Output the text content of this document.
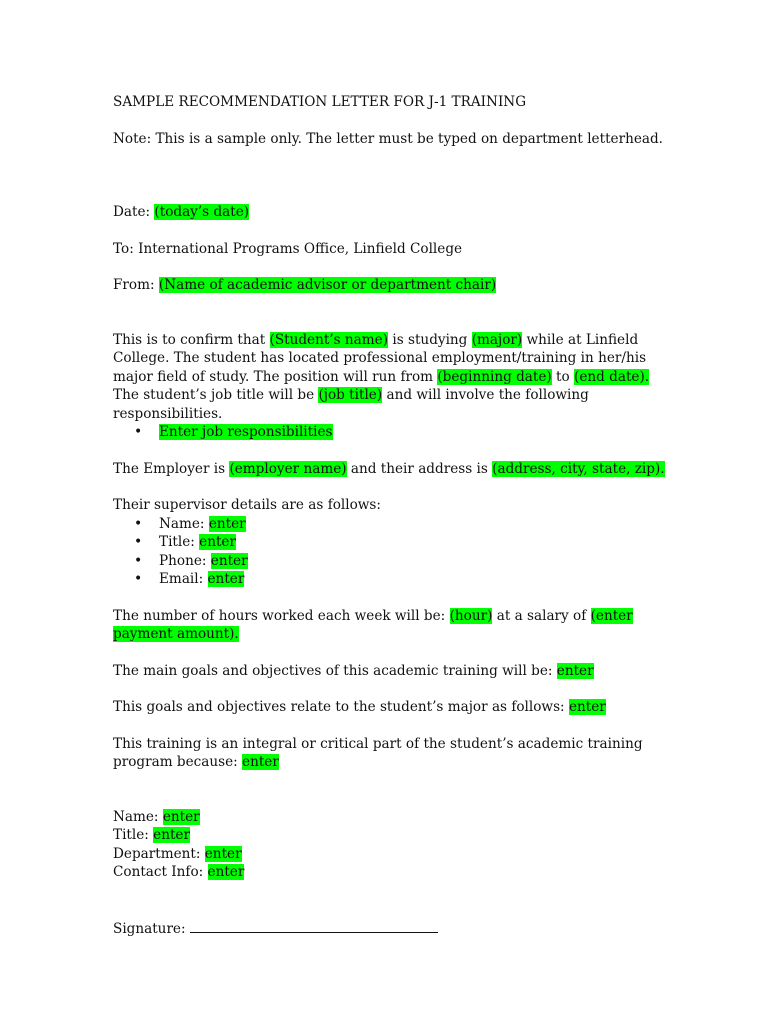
SAMPLE RECOMMENDATION LETTER FOR J-1 TRAINING

Note: This is a sample only. The letter must be typed on department letterhead.

Date: (today’s date)

To: International Programs Office, Linfield College

From: (Name of academic advisor or department chair)

This is to confirm that (Student’s name) is studying (major) while at Linfield College. The student has located professional employment/training in her/his major field of study. The position will run from (beginning date) to (end date). The student’s job title will be (job title) and will involve the following responsibilities.

• Enter job responsibilities

The Employer is (employer name) and their address is (address, city, state, zip).

Their supervisor details are as follows:

• Name: enter
• Title: enter
• Phone: enter
• Email: enter

The number of hours worked each week will be: (hour) at a salary of (enter
payment amount).

The main goals and objectives of this academic training will be: enter

This goals and objectives relate to the student’s major as follows: enter

This training is an integral or critical part of the student’s academic training program because: enter

Name: enter

Title: enter

Department: enter

Contact Info: enter

Signature:
